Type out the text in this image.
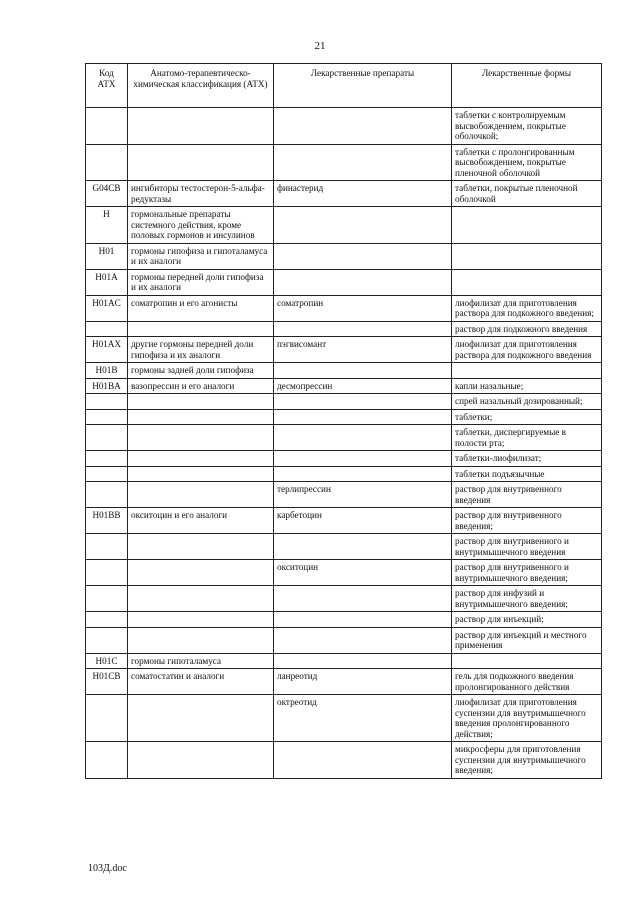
21
Код АТХ	Анатомо-терапевтическо-химическая классификация (АТХ)	Лекарственные препараты	Лекарственные формы
			таблетки с контролируемым высвобождением, покрытые оболочкой;
			таблетки с пролонгированным высвобождением, покрытые пленочной оболочкой
G04CB	ингибиторы тестостерон-5-альфа-редуктазы	финастерид	таблетки, покрытые пленочной оболочкой
H	гормональные препараты системного действия, кроме половых гормонов и инсулинов		
H01	гормоны гипофиза и гипоталамуса и их аналоги		
H01A	гормоны передней доли гипофиза и их аналоги		
H01AC	соматропин и его агонисты	соматропин	лиофилизат для приготовления раствора для подкожного введения;
			раствор для подкожного введения
H01AX	другие гормоны передней доли гипофиза и их аналоги	пэгвисомант	лиофилизат для приготовления раствора для подкожного введения
H01B	гормоны задней доли гипофиза		
H01BA	вазопрессин и его аналоги	десмопрессин	капли назальные;
			спрей назальный дозированный;
			таблетки;
			таблетки, диспергируемые в полости рта;
			таблетки-лиофилизат;
			таблетки подъязычные
		терлипрессин	раствор для внутривенного введения
H01BB	окситоцин и его аналоги	карбетоцин	раствор для внутривенного введения;
			раствор для внутривенного и внутримышечного введения
		окситоцин	раствор для внутривенного и внутримышечного введения;
			раствор для инфузий и внутримышечного введения;
			раствор для инъекций;
			раствор для инъекций и местного применения
H01C	гормоны гипоталамуса		
H01CB	соматостатин и аналоги	ланреотид	гель для подкожного введения пролонгированного действия
		октреотид	лиофилизат для приготовления суспензии для внутримышечного введения пролонгированного действия;
			микросферы для приготовления суспензии для внутримышечного введения;
103Д.doc
